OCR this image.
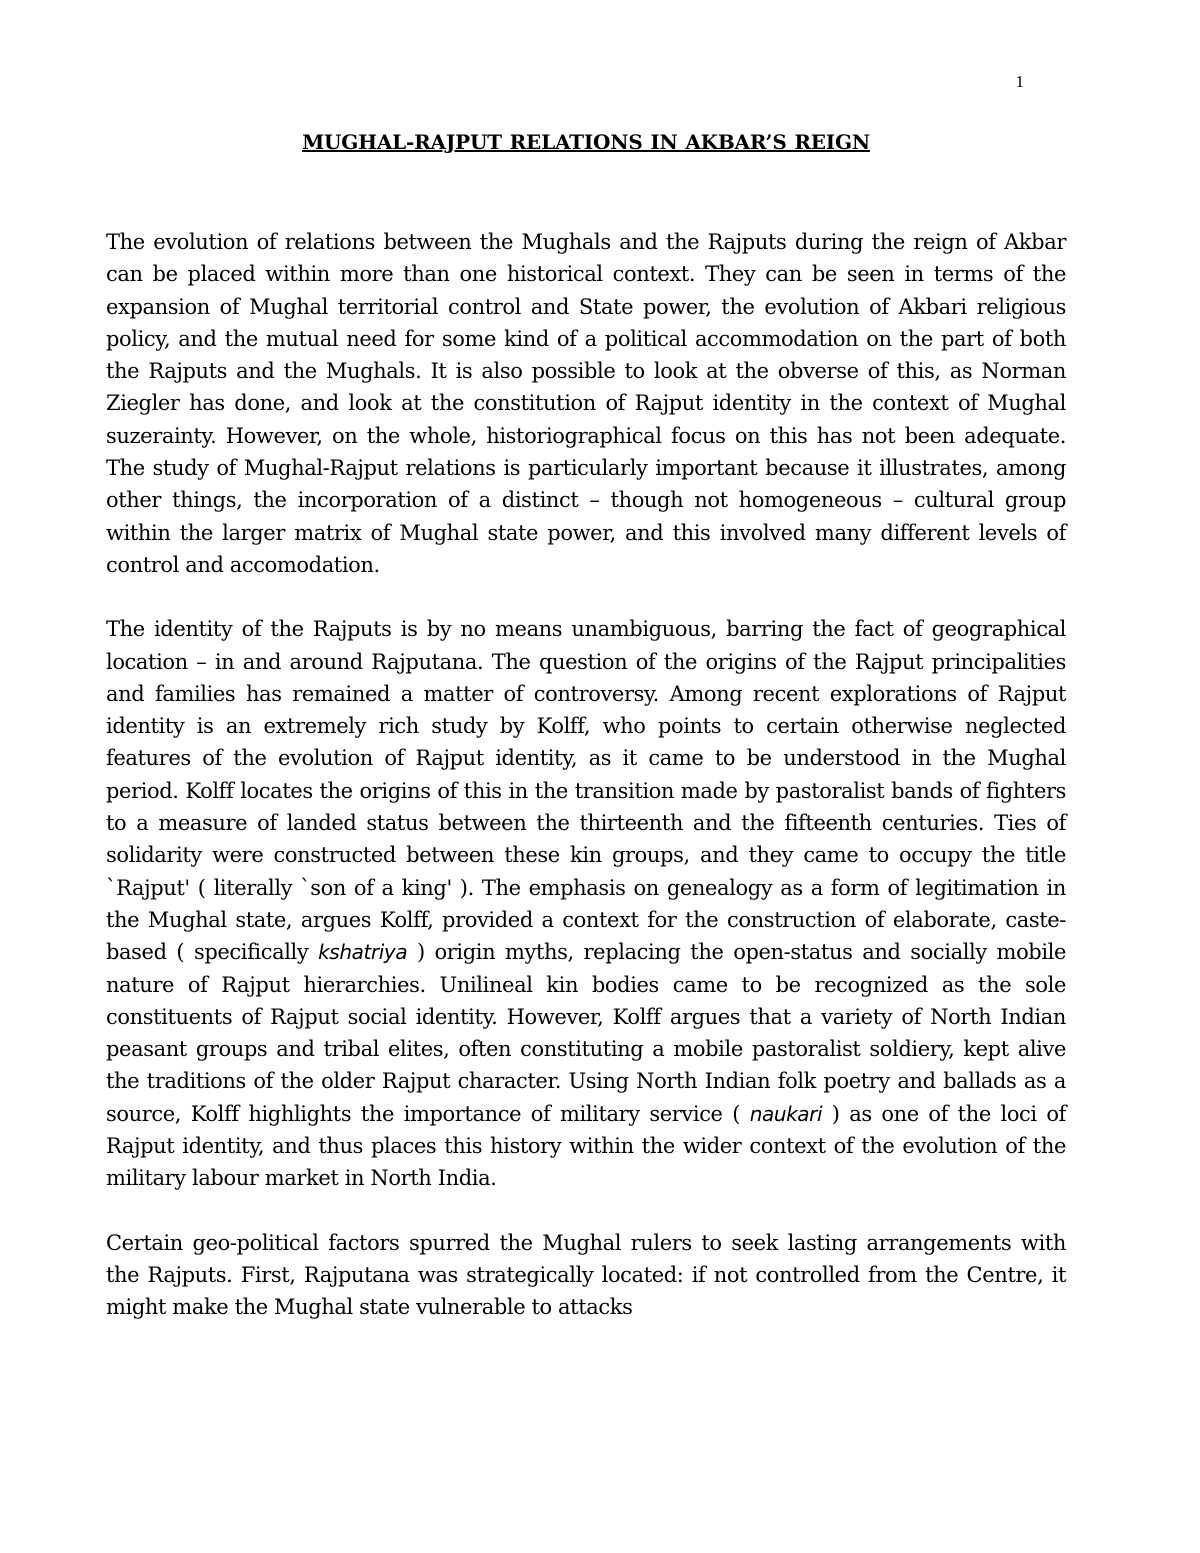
1
MUGHAL-RAJPUT RELATIONS IN AKBAR’S REIGN

The evolution of relations between the Mughals and the Rajputs during the reign of Akbar can be placed within more than one historical context. They can be seen in terms of the expansion of Mughal territorial control and State power, the evolution of Akbari religious policy, and the mutual need for some kind of a political accommodation on the part of both the Rajputs and the Mughals. It is also possible to look at the obverse of this, as Norman Ziegler has done, and look at the constitution of Rajput identity in the context of Mughal suzerainty. However, on the whole, historiographical focus on this has not been adequate. The study of Mughal-Rajput relations is particularly important because it illustrates, among other things, the incorporation of a distinct – though not homogeneous – cultural group within the larger matrix of Mughal state power, and this involved many different levels of control and accomodation.

The identity of the Rajputs is by no means unambiguous, barring the fact of geographical location – in and around Rajputana. The question of the origins of the Rajput principalities and families has remained a matter of controversy. Among recent explorations of Rajput identity is an extremely rich study by Kolff, who points to certain otherwise neglected features of the evolution of Rajput identity, as it came to be understood in the Mughal period. Kolff locates the origins of this in the transition made by pastoralist bands of fighters to a measure of landed status between the thirteenth and the fifteenth centuries. Ties of solidarity were constructed between these kin groups, and they came to occupy the title `Rajput' ( literally `son of a king' ). The emphasis on genealogy as a form of legitimation in the Mughal state, argues Kolff, provided a context for the construction of elaborate, caste-based ( specifically kshatriya ) origin myths, replacing the open-status and socially mobile nature of Rajput hierarchies. Unilineal kin bodies came to be recognized as the sole constituents of Rajput social identity. However, Kolff argues that a variety of North Indian peasant groups and tribal elites, often constituting a mobile pastoralist soldiery, kept alive the traditions of the older Rajput character. Using North Indian folk poetry and ballads as a source, Kolff highlights the importance of military service ( naukari ) as one of the loci of Rajput identity, and thus places this history within the wider context of the evolution of the military labour market in North India.

Certain geo-political factors spurred the Mughal rulers to seek lasting arrangements with the Rajputs. First, Rajputana was strategically located: if not controlled from the Centre, it might make the Mughal state vulnerable to attacks
